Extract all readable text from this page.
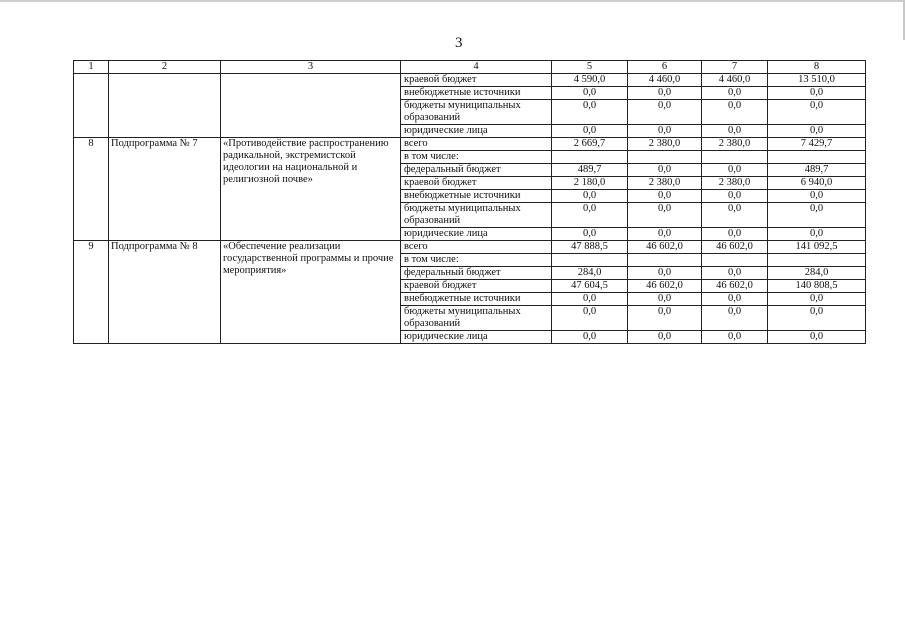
3
1	2	3	4	5	6	7	8
			краевой бюджет	4 590,0	4 460,0	4 460,0	13 510,0
			внебюджетные источники	0,0	0,0	0,0	0,0
			бюджеты муниципальных образований	0,0	0,0	0,0	0,0
			юридические лица	0,0	0,0	0,0	0,0
8	Подпрограмма № 7	«Противодействие распространению радикальной, экстремистской идеологии на национальной и религиозной почве»	всего	2 669,7	2 380,0	2 380,0	7 429,7
			в том числе:				
			федеральный бюджет	489,7	0,0	0,0	489,7
			краевой бюджет	2 180,0	2 380,0	2 380,0	6 940,0
			внебюджетные источники	0,0	0,0	0,0	0,0
			бюджеты муниципальных образований	0,0	0,0	0,0	0,0
			юридические лица	0,0	0,0	0,0	0,0
9	Подпрограмма № 8	«Обеспечение реализации государственной программы и прочие мероприятия»	всего	47 888,5	46 602,0	46 602,0	141 092,5
			в том числе:				
			федеральный бюджет	284,0	0,0	0,0	284,0
			краевой бюджет	47 604,5	46 602,0	46 602,0	140 808,5
			внебюджетные источники	0,0	0,0	0,0	0,0
			бюджеты муниципальных образований	0,0	0,0	0,0	0,0
			юридические лица	0,0	0,0	0,0	0,0
